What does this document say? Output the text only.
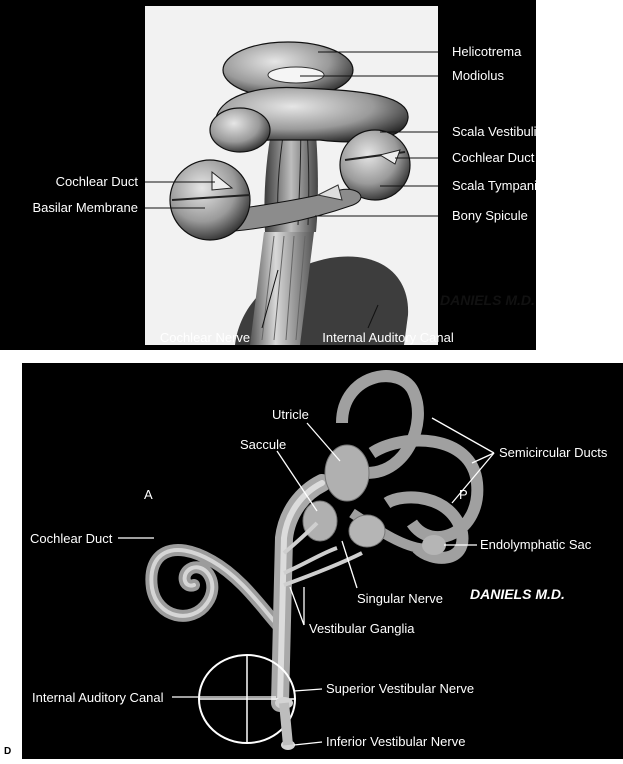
DANIELS M.D.
Helicotrema
Modiolus
Scala Vestibuli
Cochlear Duct
Scala Tympani
Bony Spicule
Cochlear Duct
Basilar Membrane
Cochlear Nerve	Internal Auditory Canal
C
DANIELS M.D.
Utricle
Saccule
Semicircular Ducts
A	P
Cochlear Duct	Endolymphatic Sac
Singular Nerve
Vestibular Ganglia
Internal Auditory Canal
Superior Vestibular Nerve
Inferior Vestibular Nerve
D
